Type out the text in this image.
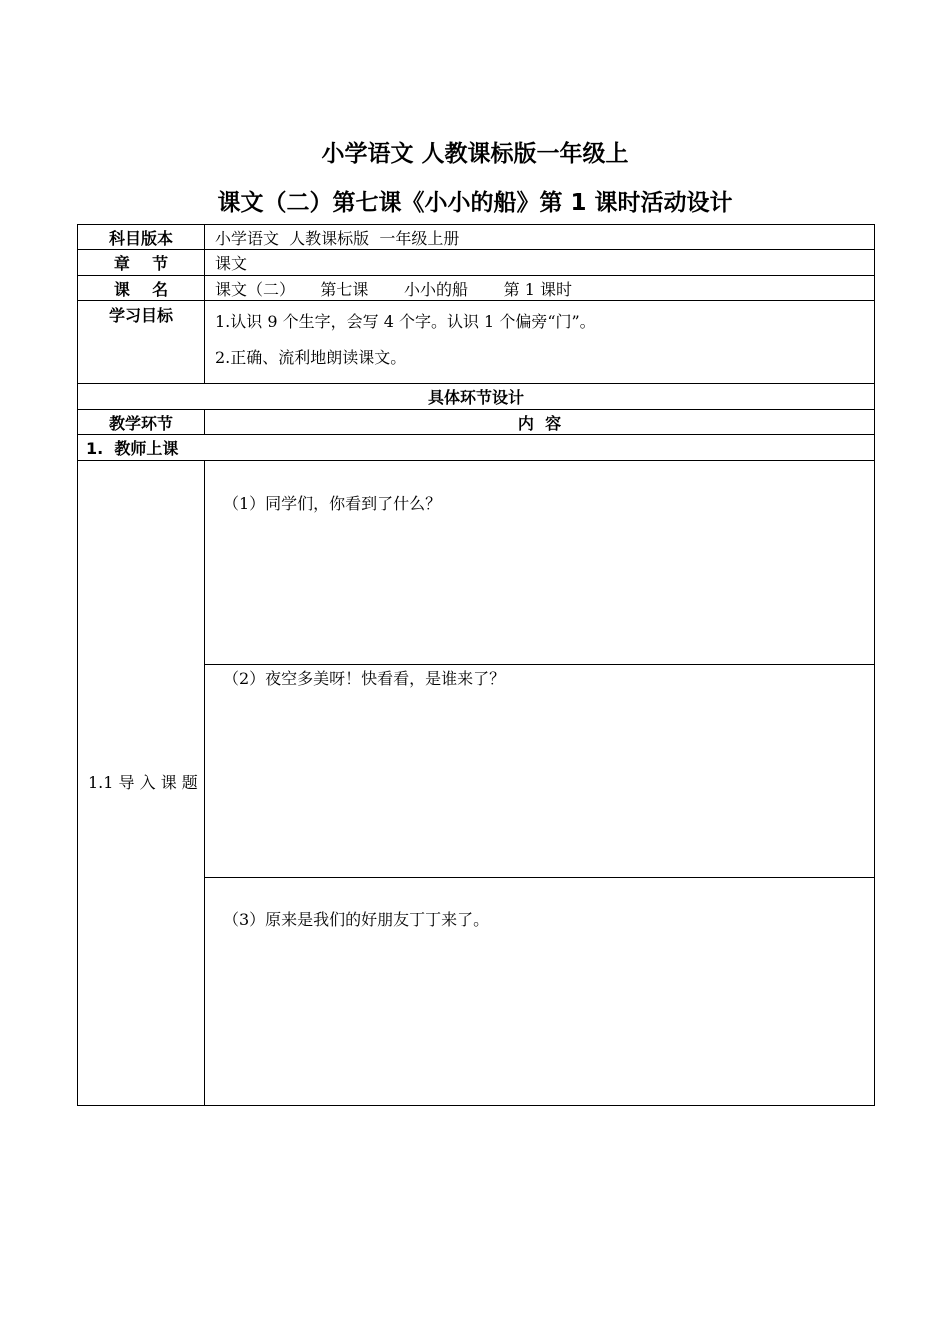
小学语文 人教课标版一年级上
课文（二）第七课《小小的船》第 1 课时活动设计
科目版本	小学语文  人教课标版  一年级上册
章    节	课文
课    名	课文（二）     第七课       小小的船       第 1 课时
学习目标	1.认识 9 个生字，会写 4 个字。认识 1 个偏旁“门”。
2.正确、流利地朗读课文。

具体环节设计	
教学环节	内  容
1.  教师上课	
1.1 导 入 课 题	（1）同学们，你看到了什么？
	（2）夜空多美呀！快看看，是谁来了？
	（3）原来是我们的好朋友丁丁来了。
